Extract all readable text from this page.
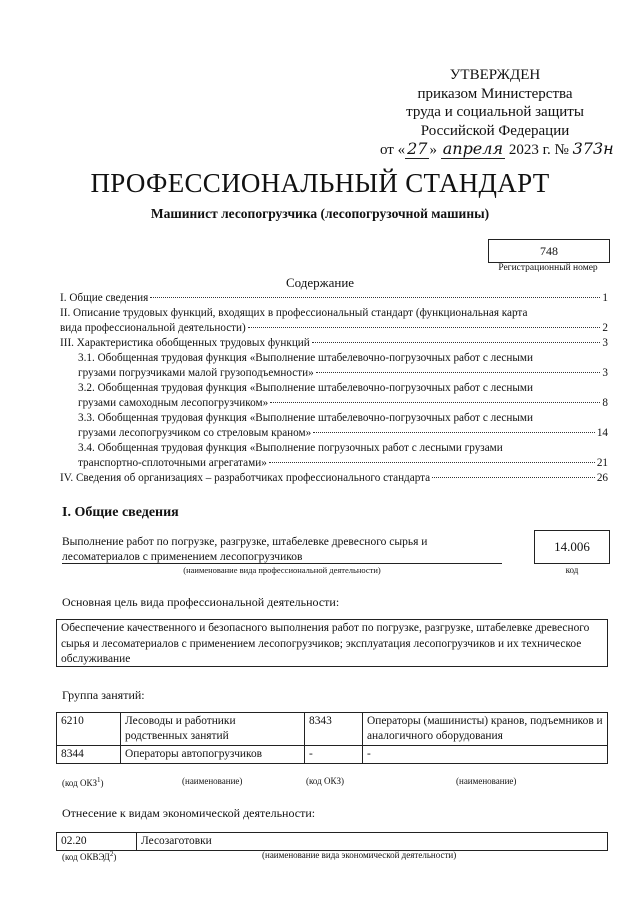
УТВЕРЖДЕН
приказом Министерства
труда и социальной защиты
Российской Федерации
от « 27 » апреля 2023 г. № 373н
ПРОФЕССИОНАЛЬНЫЙ СТАНДАРТ
Машинист лесопогрузчика (лесопогрузочной машины)
748
Регистрационный номер
Содержание
I. Общие сведения	1
II. Описание трудовых функций, входящих в профессиональный стандарт (функциональная карта
вида профессиональной деятельности)	2
III. Характеристика обобщенных трудовых функций	3
3.1. Обобщенная трудовая функция «Выполнение штабелевочно-погрузочных работ с лесными
грузами погрузчиками малой грузоподъемности»	3
3.2. Обобщенная трудовая функция «Выполнение штабелевочно-погрузочных работ с лесными
грузами самоходным лесопогрузчиком»	8
3.3. Обобщенная трудовая функция «Выполнение штабелевочно-погрузочных работ с лесными
грузами лесопогрузчиком со стреловым краном»	14
3.4. Обобщенная трудовая функция «Выполнение погрузочных работ с лесными грузами
транспортно-сплоточными агрегатами»	21
IV. Сведения об организациях – разработчиках профессионального стандарта	26
I. Общие сведения
Выполнение работ по погрузке, разгрузке, штабелевке древесного сырья и лесоматериалов с применением лесопогрузчиков
(наименование вида профессиональной деятельности)
14.006
код
Основная цель вида профессиональной деятельности:
Обеспечение качественного и безопасного выполнения работ по погрузке, разгрузке, штабелевке древесного сырья и лесоматериалов с применением лесопогрузчиков; эксплуатация лесопогрузчиков и их техническое обслуживание
Группа занятий:
6210	Лесоводы и работники родственных занятий	8343	Операторы (машинисты) кранов, подъемников и аналогичного оборудования
8344	Операторы автопогрузчиков	-	-
(код ОКЗ$^1$)	(наименование)	(код ОКЗ)	(наименование)
Отнесение к видам экономической деятельности:
02.20	Лесозаготовки
(код ОКВЭД$^2$)	(наименование вида экономической деятельности)
